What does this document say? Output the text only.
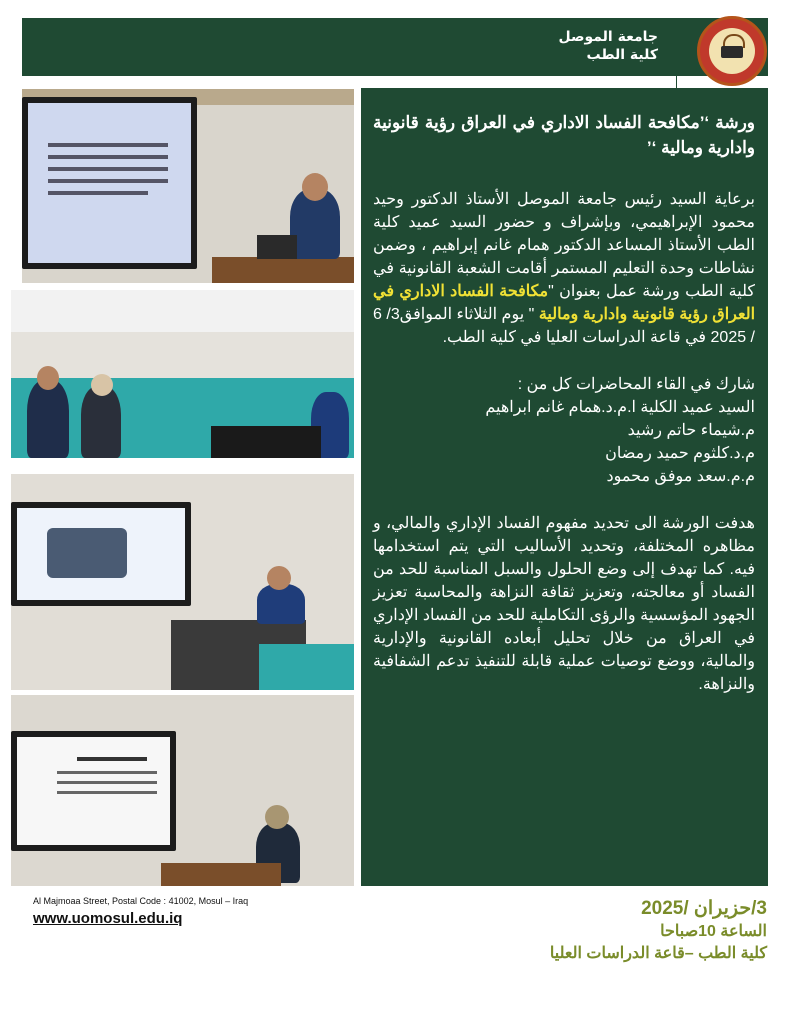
جامعة الموصل
كلية الطب

ورشة ‘’مكافحة الفساد الاداري في العراق رؤية قانونية وادارية ومالية ‘’

برعاية السيد رئيس جامعة الموصل الأستاذ الدكتور وحيد محمود الإبراهيمي، وبإشراف و حضور السيد عميد كلية الطب الأستاذ المساعد الدكتور همام غانم إبراهيم ، وضمن نشاطات وحدة التعليم المستمر أقامت الشعبة القانونية في كلية الطب ورشة عمل بعنوان "مكافحة الفساد الاداري في العراق رؤية قانونية وادارية ومالية " يوم الثلاثاء الموافق3/ 6 / 2025 في قاعة الدراسات العليا في كلية الطب.

شارك في القاء المحاضرات كل من :

السيد عميد الكلية ا.م.د.همام غانم ابراهيم

م.شيماء حاتم رشيد

م.د.كلثوم حميد رمضان

م.م.سعد موفق محمود

هدفت الورشة الى تحديد مفهوم الفساد الإداري والمالي، و مظاهره المختلفة، وتحديد الأساليب التي يتم استخدامها فيه. كما تهدف إلى وضع الحلول والسبل المناسبة للحد من الفساد أو معالجته، وتعزيز ثقافة النزاهة والمحاسبة تعزيز الجهود المؤسسية والرؤى التكاملية للحد من الفساد الإداري في العراق من خلال تحليل أبعاده القانونية والإدارية والمالية، ووضع توصيات عملية قابلة للتنفيذ تدعم الشفافية والنزاهة.

Al Majmoaa Street, Postal Code : 41002, Mosul – Iraq
www.uomosul.edu.iq	3/حزيران /2025
الساعة 10صباحا
كلية الطب –قاعة الدراسات العليا
